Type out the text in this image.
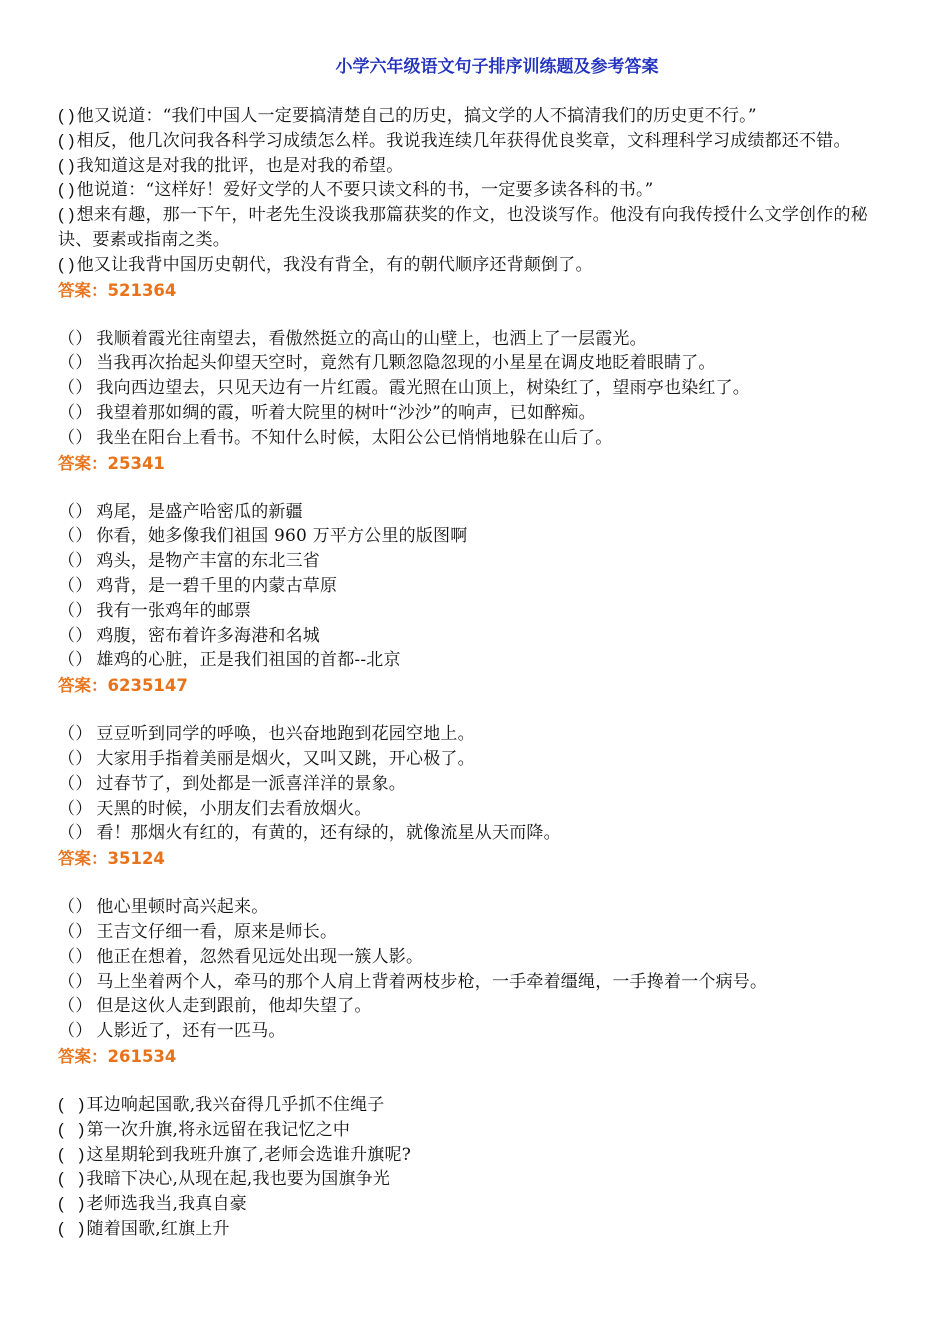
小学六年级语文句子排序训练题及参考答案
( ) 他又说道：“我们中国人一定要搞清楚自己的历史，搞文学的人不搞清我们的历史更不行。”
( ) 相反，他几次问我各科学习成绩怎么样。我说我连续几年获得优良奖章，文科理科学习成绩都还不错。
( ) 我知道这是对我的批评，也是对我的希望。
( ) 他说道：“这样好！爱好文学的人不要只读文科的书，一定要多读各科的书。”
( ) 想来有趣，那一下午，叶老先生没谈我那篇获奖的作文，也没谈写作。他没有向我传授什么文学创作的秘诀、要素或指南之类。
( ) 他又让我背中国历史朝代，我没有背全，有的朝代顺序还背颠倒了。
答案：521364
（） 我顺着霞光往南望去，看傲然挺立的高山的山壁上，也洒上了一层霞光。
（） 当我再次抬起头仰望天空时，竟然有几颗忽隐忽现的小星星在调皮地眨着眼睛了。
（） 我向西边望去，只见天边有一片红霞。霞光照在山顶上，树染红了，望雨亭也染红了。
（） 我望着那如绸的霞，听着大院里的树叶“沙沙”的响声，已如醉痴。
（） 我坐在阳台上看书。不知什么时候，太阳公公已悄悄地躲在山后了。
答案：25341
（） 鸡尾，是盛产哈密瓜的新疆
（） 你看，她多像我们祖国 960 万平方公里的版图啊
（） 鸡头，是物产丰富的东北三省
（） 鸡背，是一碧千里的内蒙古草原
（） 我有一张鸡年的邮票
（） 鸡腹，密布着许多海港和名城
（） 雄鸡的心脏，正是我们祖国的首都--北京
答案：6235147
（） 豆豆听到同学的呼唤，也兴奋地跑到花园空地上。
（） 大家用手指着美丽是烟火，又叫又跳，开心极了。
（） 过春节了，到处都是一派喜洋洋的景象。
（） 天黑的时候，小朋友们去看放烟火。
（） 看！那烟火有红的，有黄的，还有绿的，就像流星从天而降。
答案：35124
（） 他心里顿时高兴起来。
（） 王吉文仔细一看，原来是师长。
（） 他正在想着，忽然看见远处出现一簇人影。
（） 马上坐着两个人，牵马的那个人肩上背着两枝步枪，一手牵着缰绳，一手搀着一个病号。
（） 但是这伙人走到跟前，他却失望了。
（） 人影近了，还有一匹马。
答案：261534
(   ) 耳边响起国歌,我兴奋得几乎抓不住绳子
(   ) 第一次升旗,将永远留在我记忆之中
(   ) 这星期轮到我班升旗了,老师会选谁升旗呢?
(   ) 我暗下决心,从现在起,我也要为国旗争光
(   ) 老师选我当,我真自豪
(   ) 随着国歌,红旗上升
